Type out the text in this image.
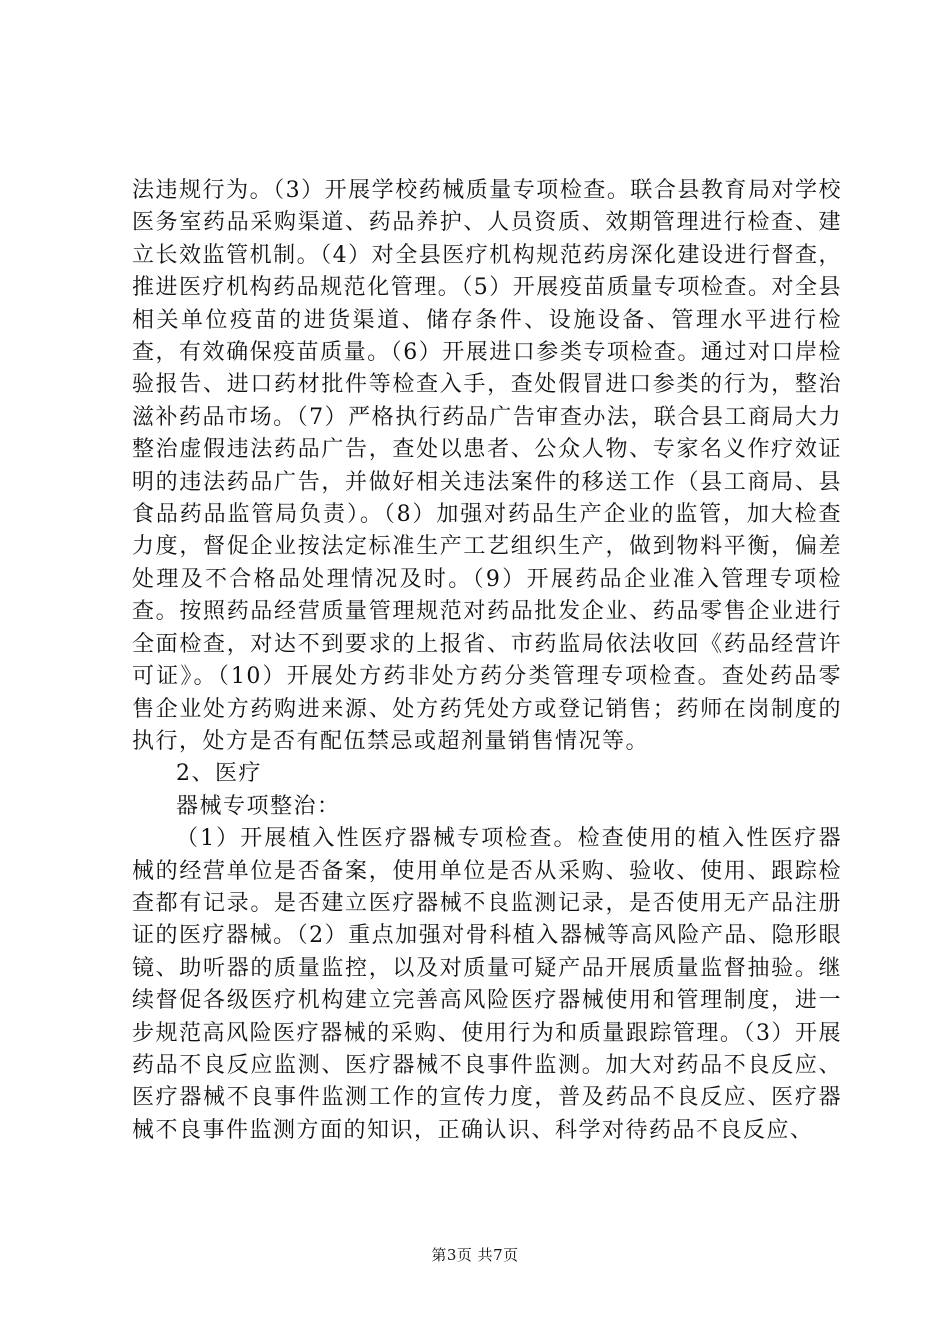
法违规行为。（3）开展学校药械质量专项检查。联合县教育局对学校医务室药品采购渠道、药品养护、人员资质、效期管理进行检查、建立长效监管机制。（4）对全县医疗机构规范药房深化建设进行督查，推进医疗机构药品规范化管理。（5）开展疫苗质量专项检查。对全县相关单位疫苗的进货渠道、储存条件、设施设备、管理水平进行检查，有效确保疫苗质量。（6）开展进口参类专项检查。通过对口岸检验报告、进口药材批件等检查入手，查处假冒进口参类的行为，整治滋补药品市场。（7）严格执行药品广告审查办法，联合县工商局大力整治虚假违法药品广告，查处以患者、公众人物、专家名义作疗效证明的违法药品广告，并做好相关违法案件的移送工作（县工商局、县食品药品监管局负责）。（8）加强对药品生产企业的监管，加大检查力度，督促企业按法定标准生产工艺组织生产，做到物料平衡，偏差处理及不合格品处理情况及时。（9）开展药品企业准入管理专项检查。按照药品经营质量管理规范对药品批发企业、药品零售企业进行全面检查，对达不到要求的上报省、市药监局依法收回《药品经营许可证》。（10）开展处方药非处方药分类管理专项检查。查处药品零售企业处方药购进来源、处方药凭处方或登记销售；药师在岗制度的执行，处方是否有配伍禁忌或超剂量销售情况等。

2、医疗

器械专项整治：

（1）开展植入性医疗器械专项检查。检查使用的植入性医疗器械的经营单位是否备案，使用单位是否从采购、验收、使用、跟踪检查都有记录。是否建立医疗器械不良监测记录，是否使用无产品注册证的医疗器械。（2）重点加强对骨科植入器械等高风险产品、隐形眼镜、助听器的质量监控，以及对质量可疑产品开展质量监督抽验。继续督促各级医疗机构建立完善高风险医疗器械使用和管理制度，进一步规范高风险医疗器械的采购、使用行为和质量跟踪管理。（3）开展药品不良反应监测、医疗器械不良事件监测。加大对药品不良反应、医疗器械不良事件监测工作的宣传力度，普及药品不良反应、医疗器械不良事件监测方面的知识，正确认识、科学对待药品不良反应、

第3页 共7页
